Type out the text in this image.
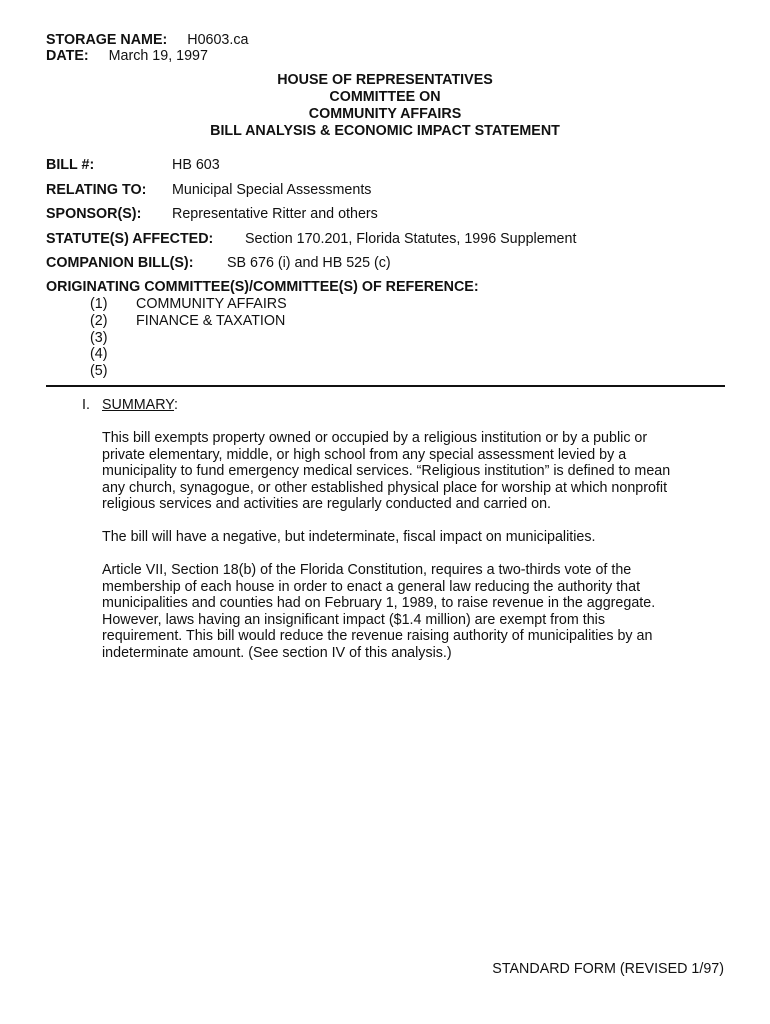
STORAGE NAME: H0603.ca
DATE: March 19, 1997
HOUSE OF REPRESENTATIVES
COMMITTEE ON
COMMUNITY AFFAIRS
BILL ANALYSIS & ECONOMIC IMPACT STATEMENT
BILL #:	HB 603
RELATING TO: Municipal Special Assessments
SPONSOR(S): Representative Ritter and others
STATUTE(S) AFFECTED: Section 170.201, Florida Statutes, 1996 Supplement
COMPANION BILL(S): SB 676 (i) and HB 525 (c)
ORIGINATING COMMITTEE(S)/COMMITTEE(S) OF REFERENCE:
(1) COMMUNITY AFFAIRS
(2) FINANCE & TAXATION
(3)
(4)
(5)
I. SUMMARY:
This bill exempts property owned or occupied by a religious institution or by a public or
private elementary, middle, or high school from any special assessment levied by a
municipality to fund emergency medical services. “Religious institution” is defined to mean
any church, synagogue, or other established physical place for worship at which nonprofit
religious services and activities are regularly conducted and carried on.
The bill will have a negative, but indeterminate, fiscal impact on municipalities.
Article VII, Section 18(b) of the Florida Constitution, requires a two-thirds vote of the
membership of each house in order to enact a general law reducing the authority that
municipalities and counties had on February 1, 1989, to raise revenue in the aggregate.
However, laws having an insignificant impact ($1.4 million) are exempt from this
requirement. This bill would reduce the revenue raising authority of municipalities by an
indeterminate amount. (See section IV of this analysis.)
STANDARD FORM (REVISED 1/97)
